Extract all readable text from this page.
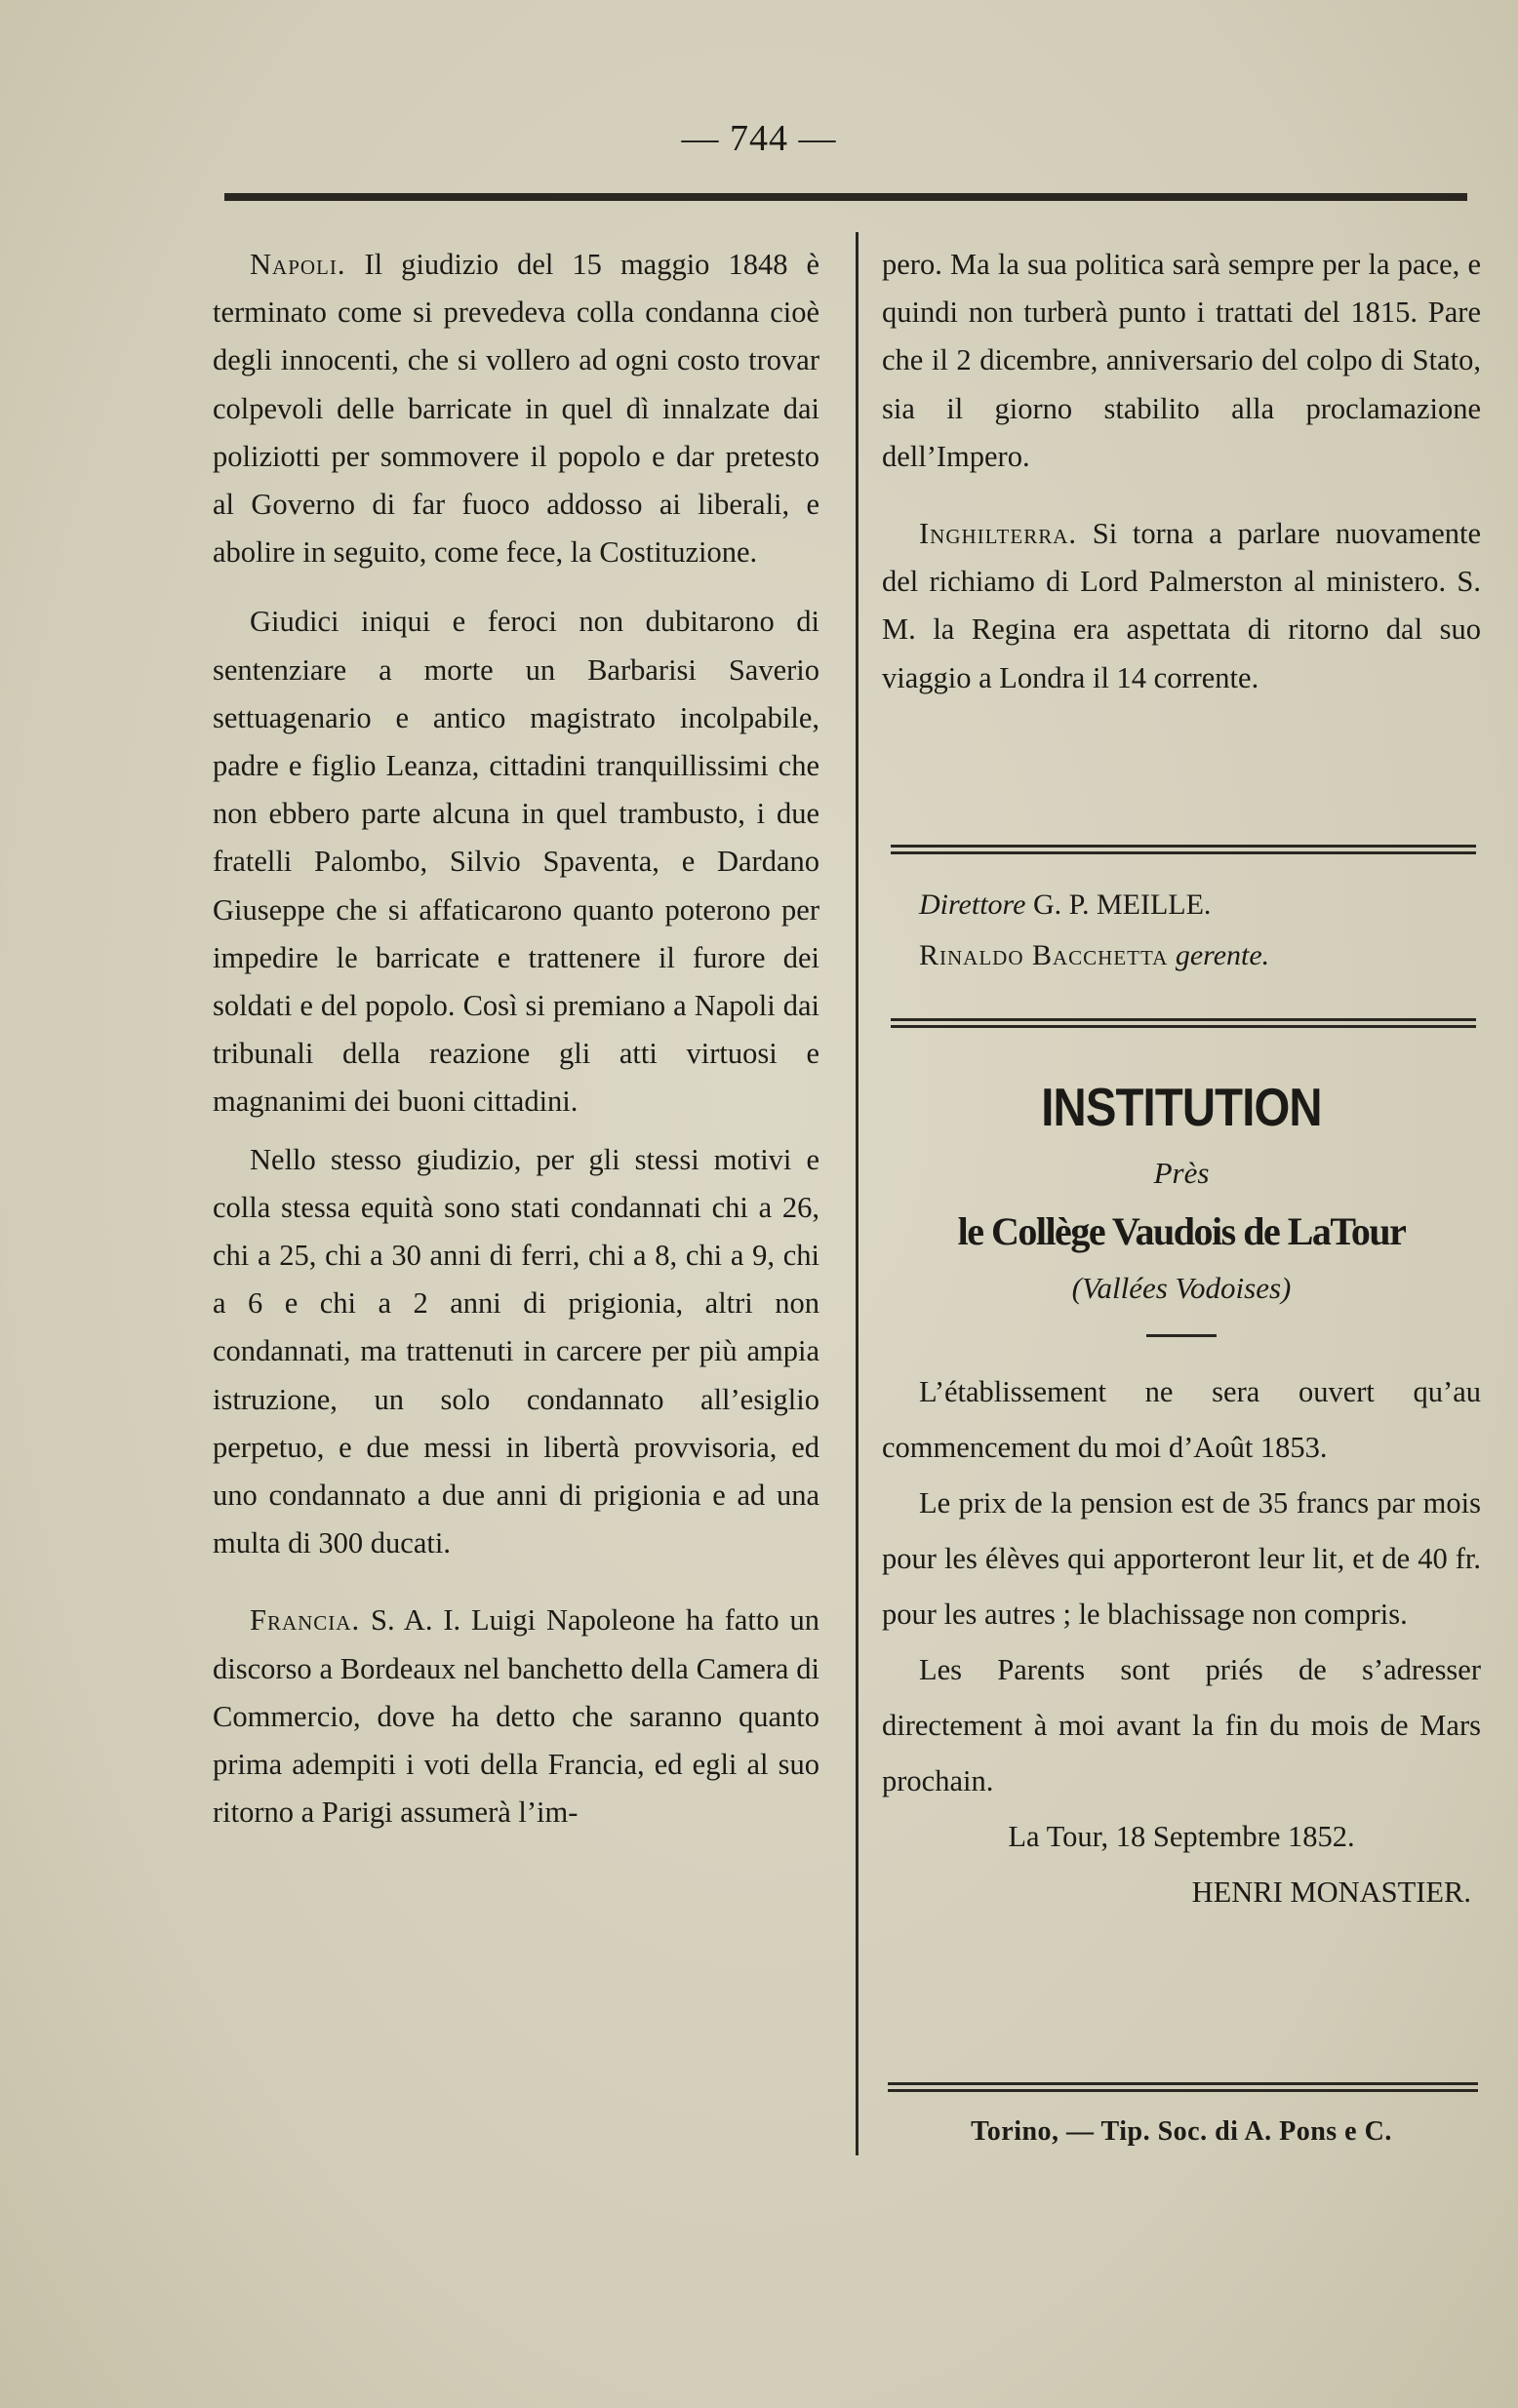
— 744 —

Napoli. Il giudizio del 15 maggio 1848 è terminato come si prevedeva colla condanna cioè degli innocenti, che si vollero ad ogni costo trovar colpevoli delle barricate in quel dì innalzate dai poliziotti per sommovere il popolo e dar pretesto al Governo di far fuoco addosso ai liberali, e abolire in seguito, come fece, la Costituzione.

Giudici iniqui e feroci non dubitarono di sentenziare a morte un Barbarisi Saverio settuagenario e antico magistrato incolpabile, padre e figlio Leanza, cittadini tranquillissimi che non ebbero parte alcuna in quel trambusto, i due fratelli Palombo, Silvio Spaventa, e Dardano Giuseppe che si affaticarono quanto poterono per impedire le barricate e trattenere il furore dei soldati e del popolo. Così si premiano a Napoli dai tribunali della reazione gli atti virtuosi e magnanimi dei buoni cittadini.

Nello stesso giudizio, per gli stessi motivi e colla stessa equità sono stati condannati chi a 26, chi a 25, chi a 30 anni di ferri, chi a 8, chi a 9, chi a 6 e chi a 2 anni di prigionia, altri non condannati, ma trattenuti in carcere per più ampia istruzione, un solo condannato all’esiglio perpetuo, e due messi in libertà provvisoria, ed uno condannato a due anni di prigionia e ad una multa di 300 ducati.

Francia. S. A. I. Luigi Napoleone ha fatto un discorso a Bordeaux nel banchetto della Camera di Commercio, dove ha detto che saranno quanto prima adempiti i voti della Francia, ed egli al suo ritorno a Parigi assumerà l’im-

pero. Ma la sua politica sarà sempre per la pace, e quindi non turberà punto i trattati del 1815. Pare che il 2 dicembre, anniversario del colpo di Stato, sia il giorno stabilito alla proclamazione dell’Impero.

Inghilterra. Si torna a parlare nuovamente del richiamo di Lord Palmerston al ministero. S. M. la Regina era aspettata di ritorno dal suo viaggio a Londra il 14 corrente.

Direttore G. P. MEILLE.

Rinaldo Bacchetta gerente.

INSTITUTION

Près

le Collège Vaudois de LaTour

(Vallées Vodoises)

L’établissement ne sera ouvert qu’au commencement du moi d’Août 1853.

Le prix de la pension est de 35 francs par mois pour les élèves qui apporteront leur lit, et de 40 fr. pour les autres ; le blachissage non compris.

Les Parents sont priés de s’adresser directement à moi avant la fin du mois de Mars prochain.

La Tour, 18 Septembre 1852.

HENRI MONASTIER.

Torino, — Tip. Soc. di A. Pons e C.
